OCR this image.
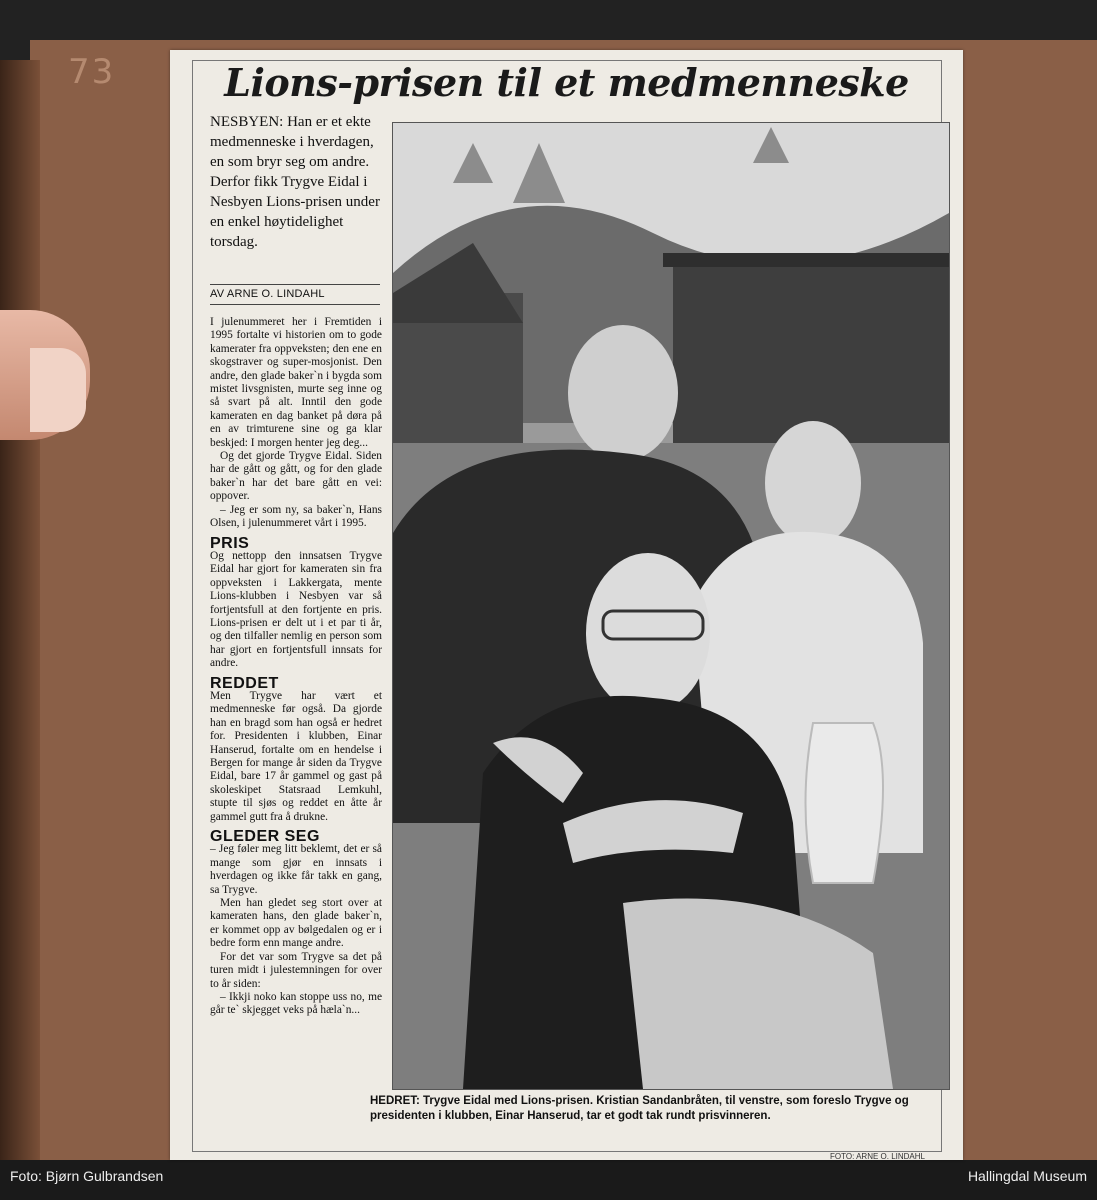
73	Lions-prisen til et medmenneske
NESBYEN: Han er et ekte medmenneske i hverdagen, en som bryr seg om andre. Derfor fikk Trygve Eidal i Nesbyen Lions-prisen under en enkel høytidelighet torsdag.
AV ARNE O. LINDAHL

I julenummeret her i Fremtiden i 1995 fortalte vi historien om to gode kamerater fra oppveksten; den ene en skogstraver og super-mosjonist. Den andre, den glade baker`n i bygda som mistet livsgnisten, murte seg inne og så svart på alt. Inntil den gode kameraten en dag banket på døra på en av trimturene sine og ga klar beskjed: I morgen henter jeg deg...

Og det gjorde Trygve Eidal. Siden har de gått og gått, og for den glade baker`n har det bare gått en vei: oppover.

– Jeg er som ny, sa baker`n, Hans Olsen, i julenummeret vårt i 1995.

PRIS

Og nettopp den innsatsen Trygve Eidal har gjort for kameraten sin fra oppveksten i Lakkergata, mente Lions-klubben i Nesbyen var så fortjentsfull at den fortjente en pris. Lions-prisen er delt ut i et par ti år, og den tilfaller nemlig en person som har gjort en fortjentsfull innsats for andre.

REDDET

Men Trygve har vært et medmenneske før også. Da gjorde han en bragd som han også er hedret for. Presidenten i klubben, Einar Hanserud, fortalte om en hendelse i Bergen for mange år siden da Trygve Eidal, bare 17 år gammel og gast på skoleskipet Statsraad Lemkuhl, stupte til sjøs og reddet en åtte år gammel gutt fra å drukne.

GLEDER SEG

– Jeg føler meg litt beklemt, det er så mange som gjør en innsats i hverdagen og ikke får takk en gang, sa Trygve.

Men han gledet seg stort over at kameraten hans, den glade baker`n, er kommet opp av bølgedalen og er i bedre form enn mange andre.

For det var som Trygve sa det på turen midt i julestemningen for over to år siden:

– Ikkji noko kan stoppe uss no, me går te` skjegget veks på hæla`n...

HEDRET: Trygve Eidal med Lions-prisen. Kristian Sandanbråten, til venstre, som foreslo Trygve og presidenten i klubben, Einar Hanserud, tar et godt tak rundt prisvinneren.
FOTO: ARNE O. LINDAHL
Foto: Bjørn Gulbrandsen	Hallingdal Museum
